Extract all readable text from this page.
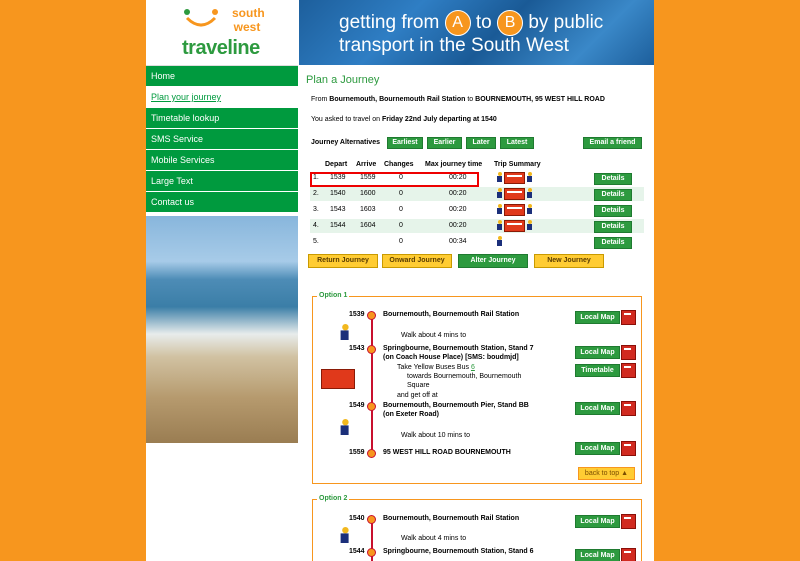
south west
traveline
getting from A to B by public
transport in the South West
Home
Plan your journey
Timetable lookup
SMS Service
Mobile Services
Large Text
Contact us
Plan a Journey
From Bournemouth, Bournemouth Rail Station to BOURNEMOUTH, 95 WEST HILL ROAD
You asked to travel on Friday 22nd July departing at 1540
Journey Alternatives	Earliest	Earlier	Later	Latest	Email a friend
Depart Arrive Changes Max journey time Trip Summary
1. 1539 1559	0	00:20	Details
2. 1540 1600	0	00:20	Details
3. 1543 1603	0	00:20	Details
4. 1544 1604	0	00:20	Details
5.	0	00:34	Details
Return Journey	Onward Journey	Alter Journey	New Journey
Option 1
1539	Bournemouth, Bournemouth Rail Station	Local Map
Walk about 4 mins to
1543	Springbourne, Bournemouth Station, Stand 7
(on Coach House Place) [SMS: boudmjd]
Local Map
Take Yellow Buses Bus 6
towards Bournemouth, Bournemouth
Square
and get off at
Timetable
1549	Bournemouth, Bournemouth Pier, Stand BB
(on Exeter Road)
Local Map
Walk about 10 mins to
Local Map
1559	95 WEST HILL ROAD BOURNEMOUTH
back to top ▲
Option 2
1540	Bournemouth, Bournemouth Rail Station	Local Map
Walk about 4 mins to
1544	Springbourne, Bournemouth Station, Stand 6
Local Map
